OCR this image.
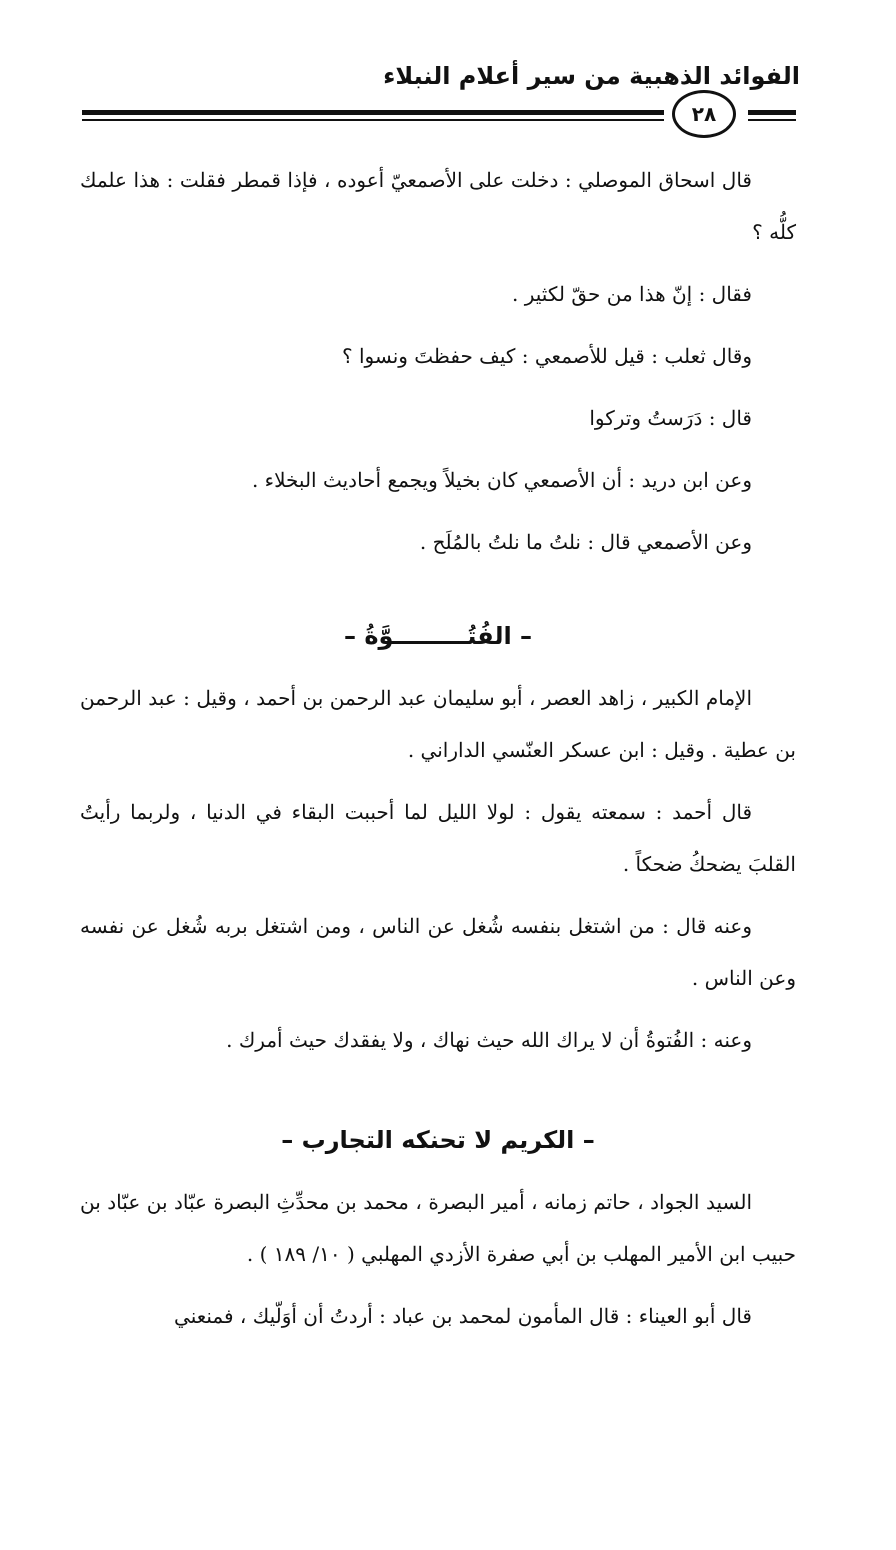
الفوائد الذهبية من سير أعلام النبلاء
٢٨

قال اسحاق الموصلي : دخلت على الأصمعيّ أعوده ، فإذا قمطر فقلت : هذا علمك كلُّه ؟

فقال : إنّ هذا من حقّ لكثير .

وقال ثعلب : قيل للأصمعي : كيف حفظتَ ونسوا ؟

قال : دَرَستُ وتركوا

وعن ابن دريد : أن الأصمعي كان بخيلاً ويجمع أحاديث البخلاء .

وعن الأصمعي قال : نلتُ ما نلتُ بالمُلَح .

– الفُتُـــــــــوَّةُ –

الإمام الكبير ، زاهد العصر ، أبو سليمان عبد الرحمن بن أحمد ، وقيل : عبد الرحمن بن عطية . وقيل : ابن عسكر العنّسي الداراني .

قال أحمد : سمعته يقول : لولا الليل لما أحببت البقاء في الدنيا ، ولربما رأيتُ القلبَ يضحكُ ضحكاً .

وعنه قال : من اشتغل بنفسه شُغل عن الناس ، ومن اشتغل بربه شُغل عن نفسه وعن الناس .

وعنه : الفُتوةُ أن لا يراك الله حيث نهاك ، ولا يفقدك حيث أمرك .

– الكريم لا تحنكه التجارب –

السيد الجواد ، حاتم زمانه ، أمير البصرة ، محمد بن محدِّثِ البصرة عبّاد بن عبّاد بن حبيب ابن الأمير المهلب بن أبي صفرة الأزدي المهلبي ( ١٠/ ١٨٩ ) .

قال أبو العيناء : قال المأمون لمحمد بن عباد : أردتُ أن أوَلّيك ، فمنعني
